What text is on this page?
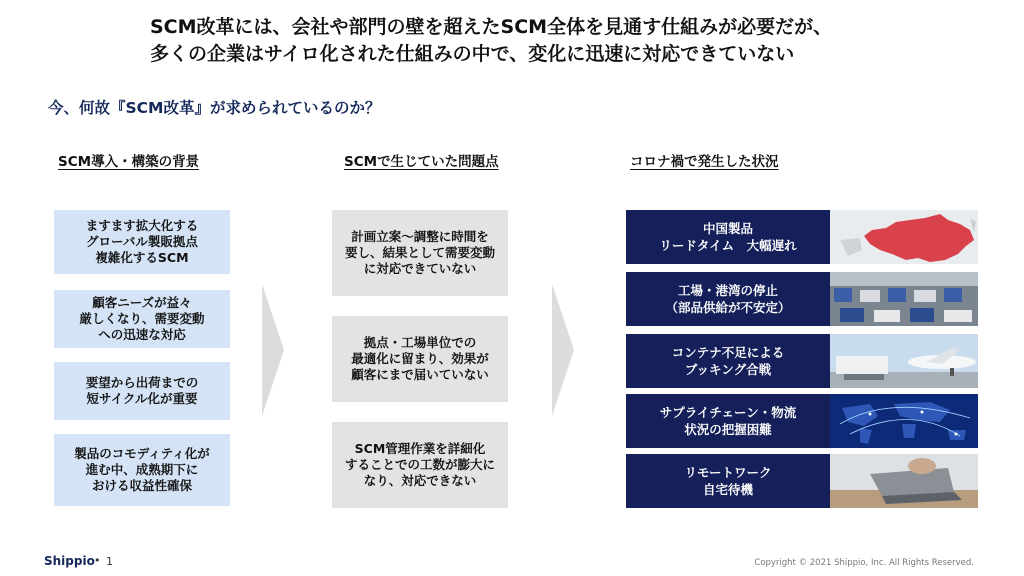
SCM改革には、会社や部門の壁を超えたSCM全体を見通す仕組みが必要だが、
多くの企業はサイロ化された仕組みの中で、変化に迅速に対応できていない
今、何故『SCM改革』が求められているのか？
SCM導入・構築の背景	SCMで生じていた問題点	コロナ禍で発生した状況
ますます拡大化する
グローバル製販拠点
複雑化するSCM
顧客ニーズが益々
厳しくなり、需要変動
への迅速な対応
要望から出荷までの
短サイクル化が重要
製品のコモディティ化が
進む中、成熟期下に
おける収益性確保
計画立案～調整に時間を
要し、結果として需要変動
に対応できていない
拠点・工場単位での
最適化に留まり、効果が
顧客にまで届いていない
SCM管理作業を詳細化
することでの工数が膨大に
なり、対応できない
中国製品
リードタイム　大幅遅れ
工場・港湾の停止
（部品供給が不安定）
コンテナ不足による
ブッキング合戦
サプライチェーン・物流
状況の把握困難
リモートワーク
自宅待機
Shippio • 1	Copyright © 2021 Shippio, Inc. All Rights Reserved.
